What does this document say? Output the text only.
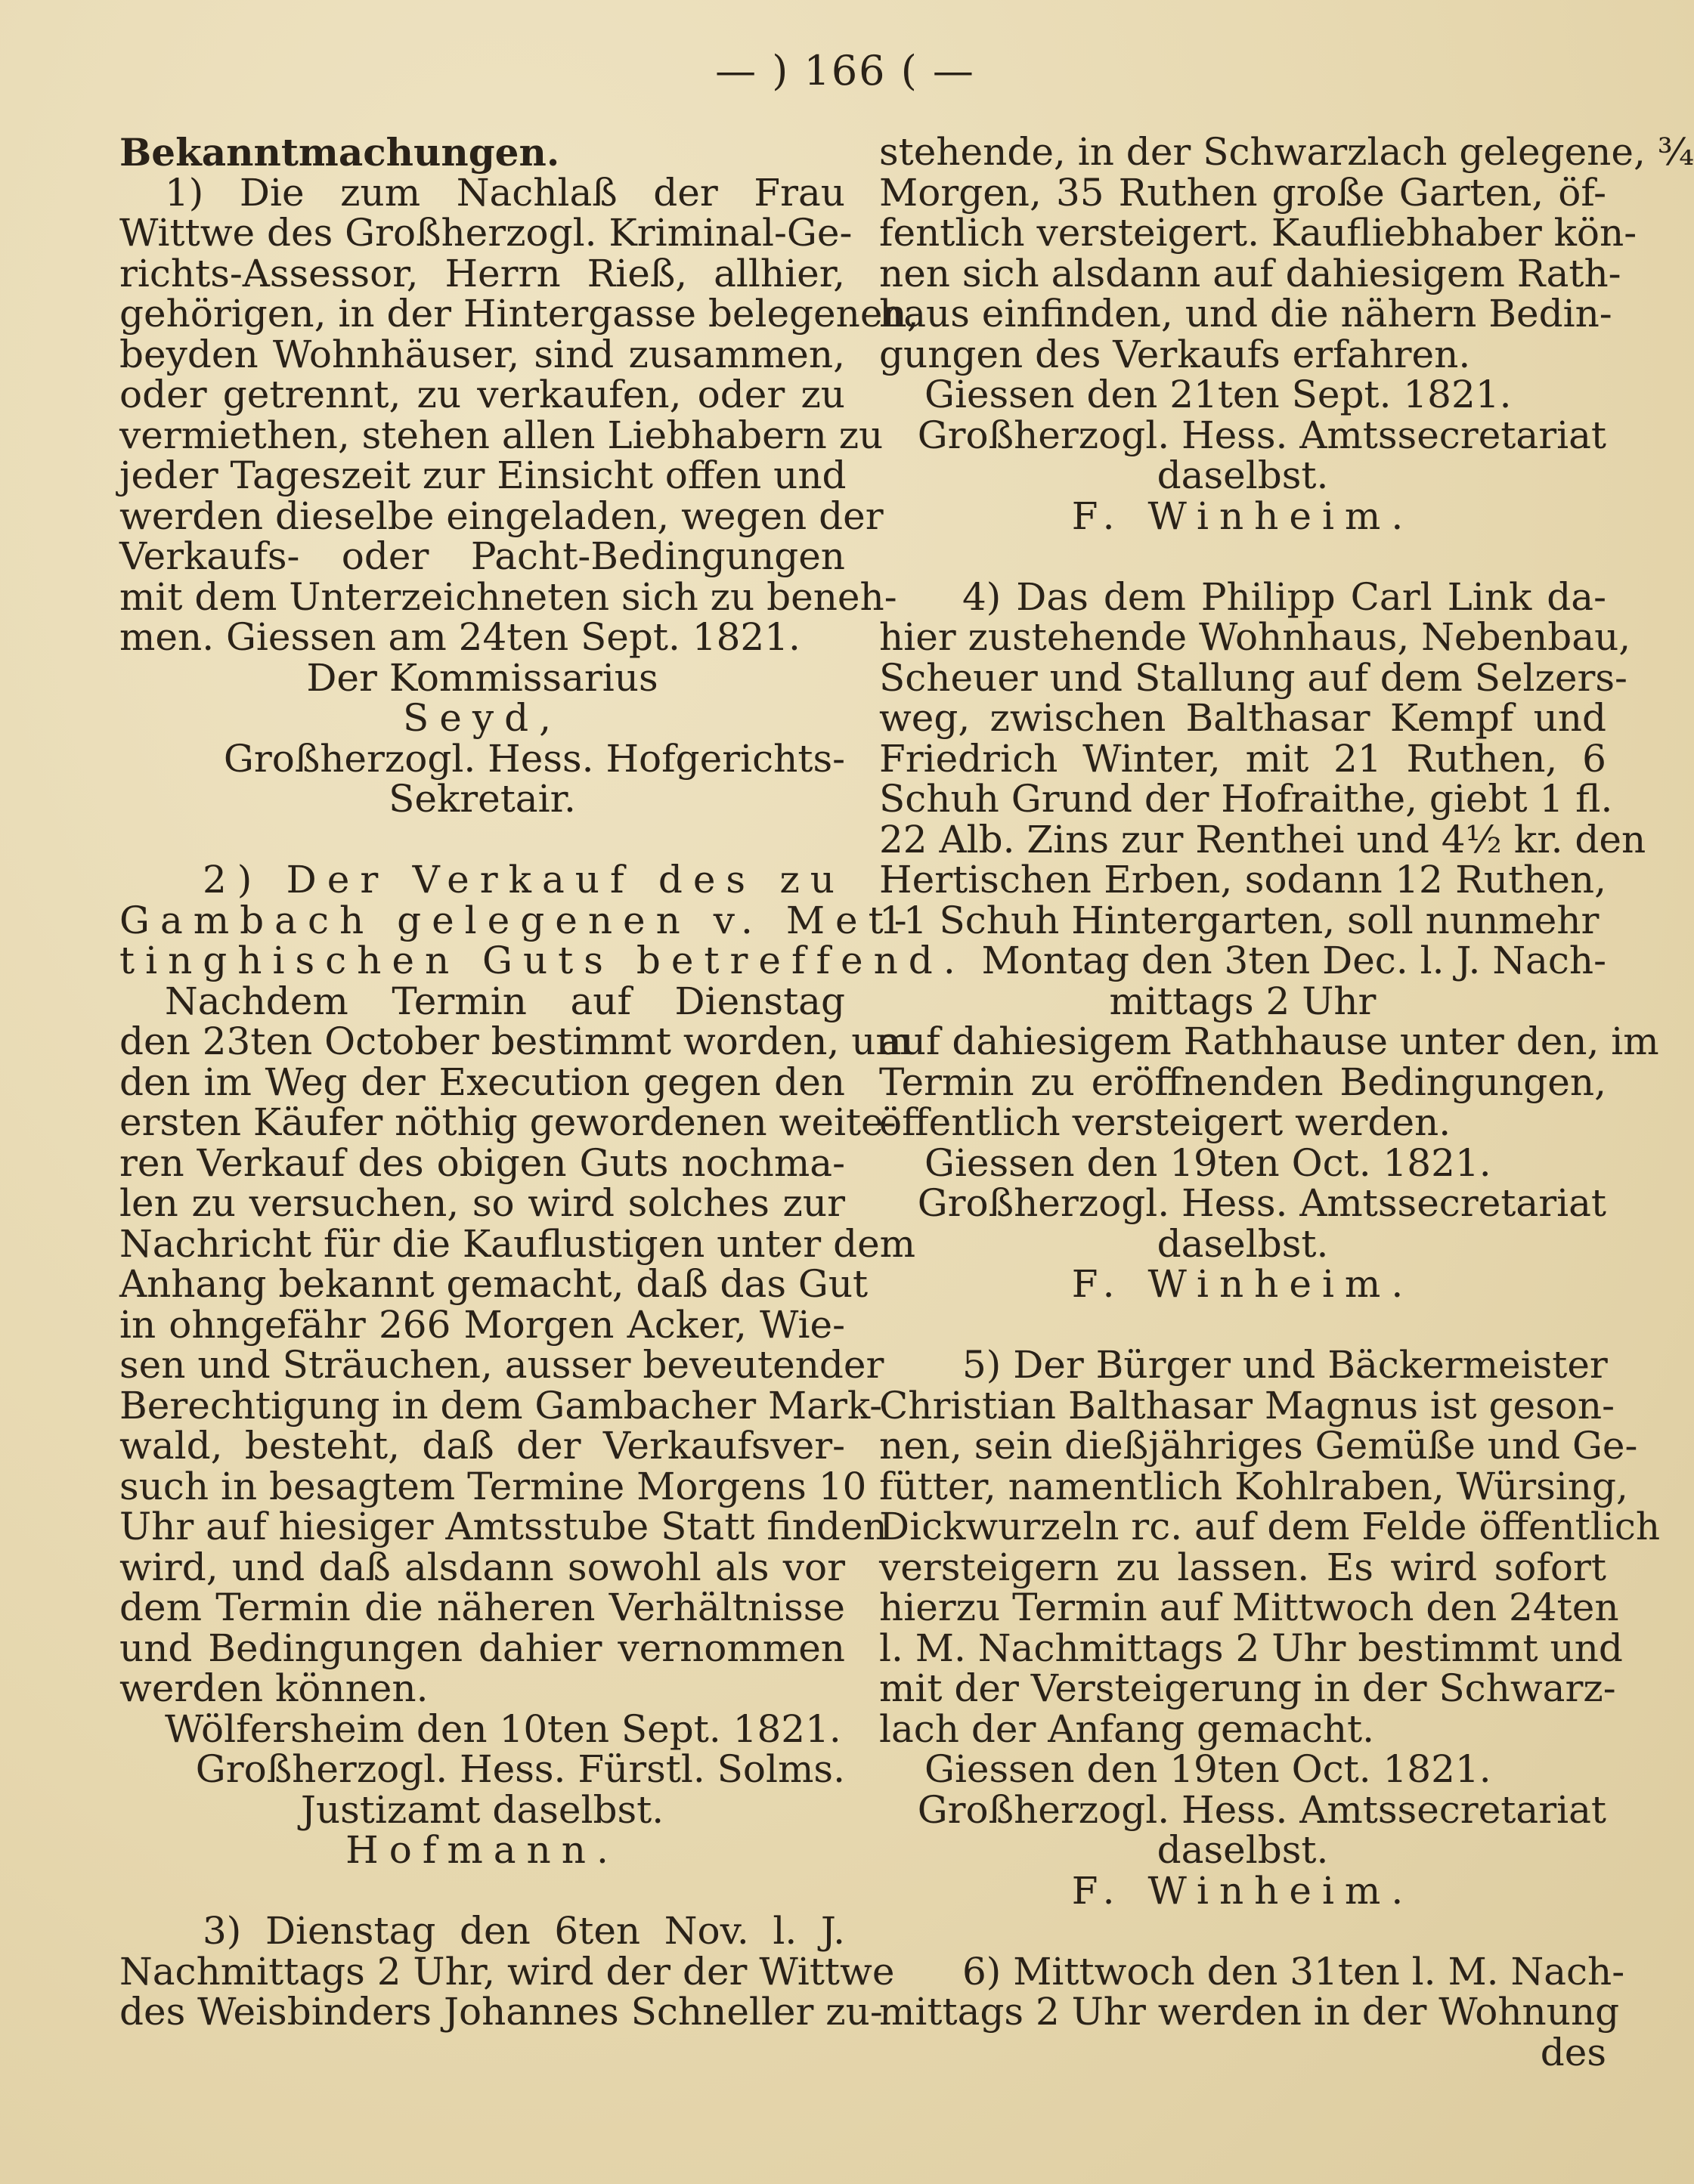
— ) 166 ( —
Bekanntmachungen.
1) Die zum Nachlaß der Frau
Wittwe des Großherzogl. Kriminal-Ge-
richts-Assessor, Herrn Rieß, allhier,
gehörigen, in der Hintergasse belegenen,
beyden Wohnhäuser, sind zusammen,
oder getrennt, zu verkaufen, oder zu
vermiethen, stehen allen Liebhabern zu
jeder Tageszeit zur Einsicht offen und
werden dieselbe eingeladen, wegen der
Verkaufs- oder Pacht-Bedingungen
mit dem Unterzeichneten sich zu beneh-
men. Giessen am 24ten Sept. 1821.
Der Kommissarius
Seyd,
Großherzogl. Hess. Hofgerichts-
Sekretair.
2) Der Verkauf des zu
Gambach gelegenen v. Met-
tinghischen Guts betreffend.
Nachdem Termin auf Dienstag
den 23ten October bestimmt worden, um
den im Weg der Execution gegen den
ersten Käufer nöthig gewordenen weite-
ren Verkauf des obigen Guts nochma-
len zu versuchen, so wird solches zur
Nachricht für die Kauflustigen unter dem
Anhang bekannt gemacht, daß das Gut
in ohngefähr 266 Morgen Acker, Wie-
sen und Sträuchen, ausser beveutender
Berechtigung in dem Gambacher Mark-
wald, besteht, daß der Verkaufsver-
such in besagtem Termine Morgens 10
Uhr auf hiesiger Amtsstube Statt finden
wird, und daß alsdann sowohl als vor
dem Termin die näheren Verhältnisse
und Bedingungen dahier vernommen
werden können.
Wölfersheim den 10ten Sept. 1821.
Großherzogl. Hess. Fürstl. Solms.
Justizamt daselbst.
Hofmann.
3) Dienstag den 6ten Nov. l. J.
Nachmittags 2 Uhr, wird der der Wittwe
des Weisbinders Johannes Schneller zu-
stehende, in der Schwarzlach gelegene, ¾
Morgen, 35 Ruthen große Garten, öf-
fentlich versteigert. Kaufliebhaber kön-
nen sich alsdann auf dahiesigem Rath-
haus einfinden, und die nähern Bedin-
gungen des Verkaufs erfahren.
Giessen den 21ten Sept. 1821.
Großherzogl. Hess. Amtssecretariat
daselbst.
F. Winheim.
4) Das dem Philipp Carl Link da-
hier zustehende Wohnhaus, Nebenbau,
Scheuer und Stallung auf dem Selzers-
weg, zwischen Balthasar Kempf und
Friedrich Winter, mit 21 Ruthen, 6
Schuh Grund der Hofraithe, giebt 1 fl.
22 Alb. Zins zur Renthei und 4½ kr. den
Hertischen Erben, sodann 12 Ruthen,
11 Schuh Hintergarten, soll nunmehr
Montag den 3ten Dec. l. J. Nach-
mittags 2 Uhr
auf dahiesigem Rathhause unter den, im
Termin zu eröffnenden Bedingungen,
öffentlich versteigert werden.
Giessen den 19ten Oct. 1821.
Großherzogl. Hess. Amtssecretariat
daselbst.
F. Winheim.
5) Der Bürger und Bäckermeister
Christian Balthasar Magnus ist geson-
nen, sein dießjähriges Gemüße und Ge-
fütter, namentlich Kohlraben, Würsing,
Dickwurzeln rc. auf dem Felde öffentlich
versteigern zu lassen. Es wird sofort
hierzu Termin auf Mittwoch den 24ten
l. M. Nachmittags 2 Uhr bestimmt und
mit der Versteigerung in der Schwarz-
lach der Anfang gemacht.
Giessen den 19ten Oct. 1821.
Großherzogl. Hess. Amtssecretariat
daselbst.
F. Winheim.
6) Mittwoch den 31ten l. M. Nach-
mittags 2 Uhr werden in der Wohnung
des
